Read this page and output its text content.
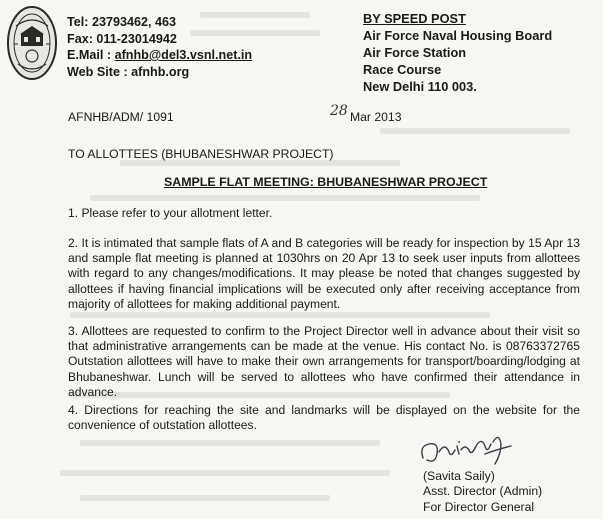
Tel: 23793462, 463
Fax: 011-23014942
E.Mail : afnhb@del3.vsnl.net.in
Web Site : afnhb.org
BY SPEED POST
Air Force Naval Housing Board
Air Force Station
Race Course
New Delhi 110 003.
AFNHB/ADM/ 1091	28 Mar 2013
TO ALLOTTEES (BHUBANESHWAR PROJECT)
SAMPLE FLAT MEETING: BHUBANESHWAR PROJECT
1. Please refer to your allotment letter.
2. It is intimated that sample flats of A and B categories will be ready for inspection by 15 Apr 13 and sample flat meeting is planned at 1030hrs on 20 Apr 13 to seek user inputs from allottees with regard to any changes/modifications. It may please be noted that changes suggested by allottees if having financial implications will be executed only after receiving acceptance from majority of allottees for making additional payment.
3. Allottees are requested to confirm to the Project Director well in advance about their visit so that administrative arrangements can be made at the venue. His contact No. is 08763372765 Outstation allottees will have to make their own arrangements for transport/boarding/lodging at Bhubaneshwar. Lunch will be served to allottees who have confirmed their attendance in advance.
4. Directions for reaching the site and landmarks will be displayed on the website for the convenience of outstation allottees.
(Savita Saily)
Asst. Director (Admin)
For Director General
